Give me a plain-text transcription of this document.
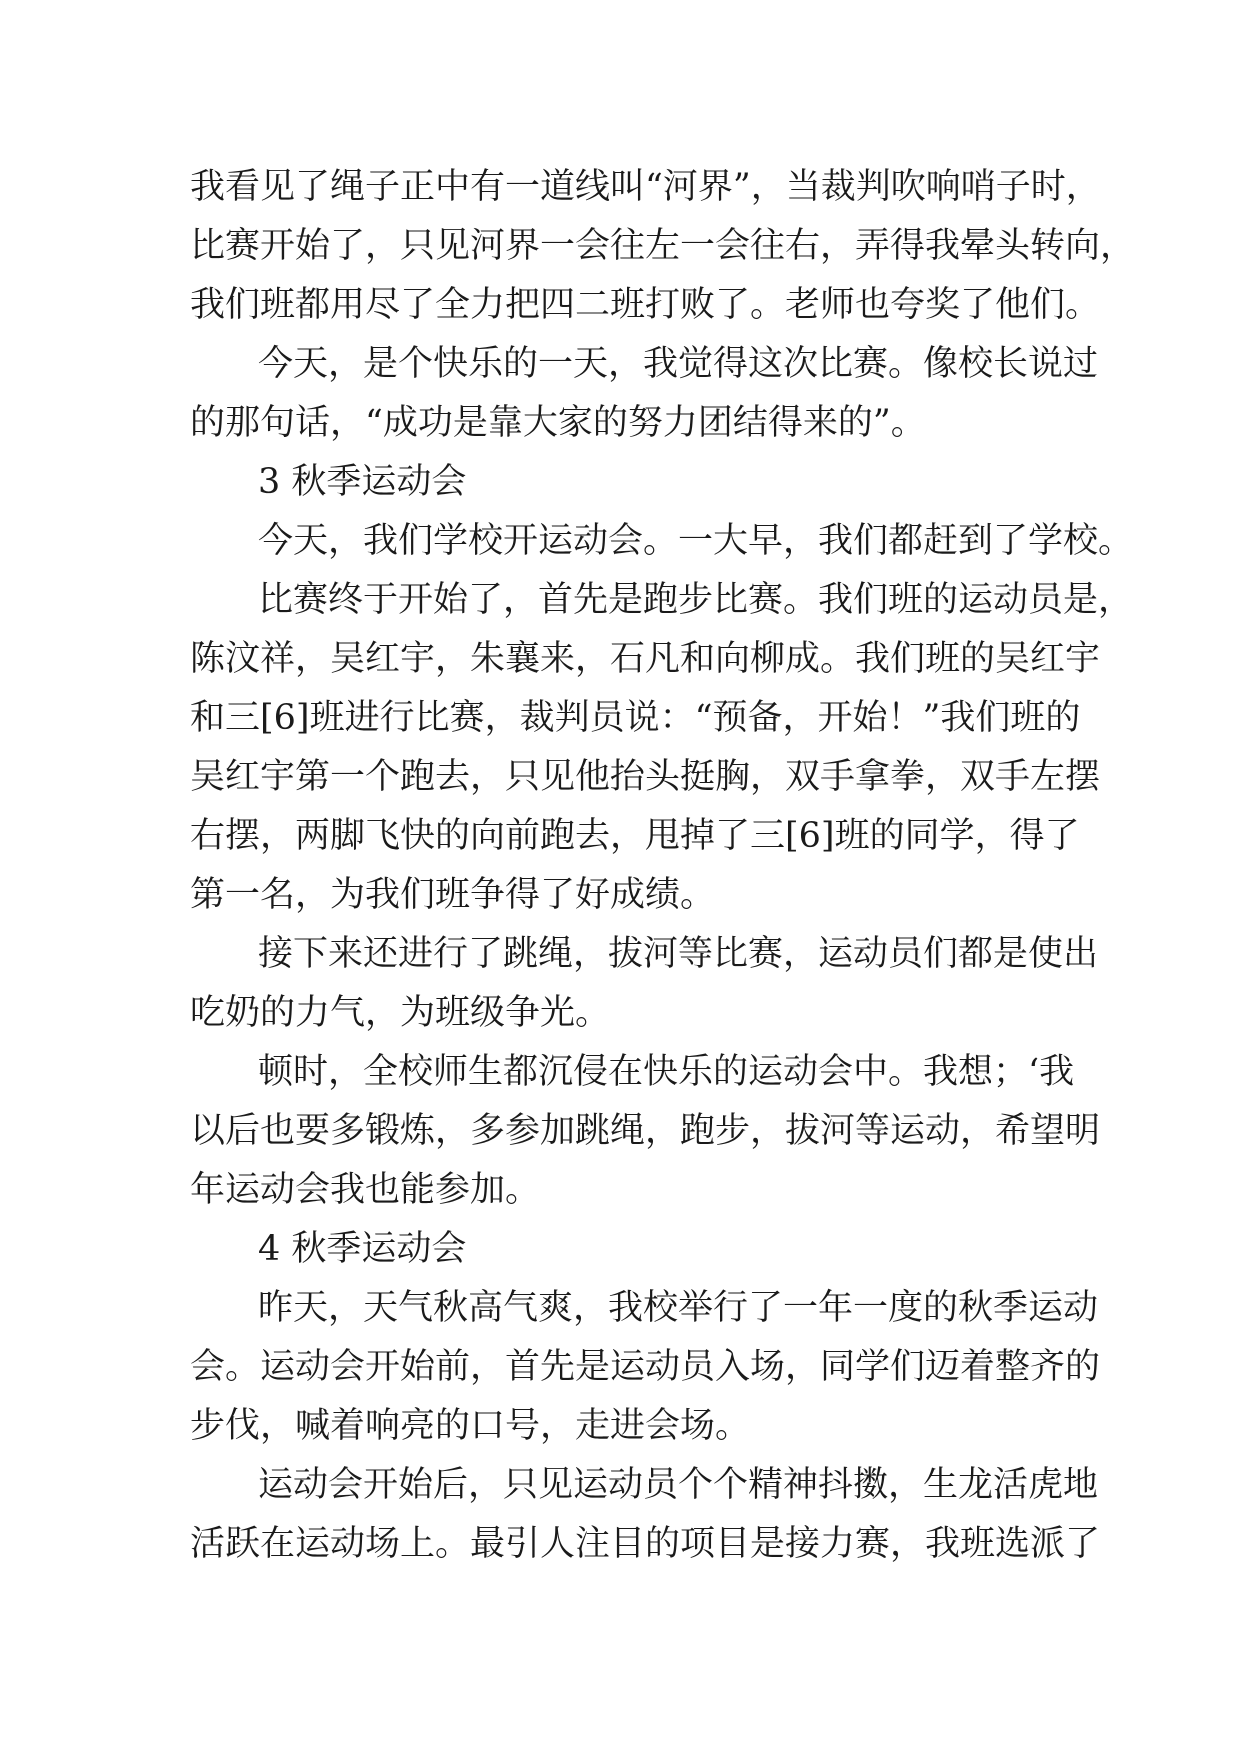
我看见了绳子正中有一道线叫“河界”，当裁判吹响哨子时，
比赛开始了，只见河界一会往左一会往右，弄得我晕头转向，
我们班都用尽了全力把四二班打败了。老师也夸奖了他们。
今天，是个快乐的一天，我觉得这次比赛。像校长说过
的那句话，“成功是靠大家的努力团结得来的”。
3 秋季运动会
今天，我们学校开运动会。一大早，我们都赶到了学校。
比赛终于开始了，首先是跑步比赛。我们班的运动员是，
陈汶祥，吴红宇，朱襄来，石凡和向柳成。我们班的吴红宇
和三[6]班进行比赛，裁判员说：“预备，开始！”我们班的
吴红宇第一个跑去，只见他抬头挺胸，双手拿拳，双手左摆
右摆，两脚飞快的向前跑去，甩掉了三[6]班的同学，得了
第一名，为我们班争得了好成绩。
接下来还进行了跳绳，拔河等比赛，运动员们都是使出
吃奶的力气，为班级争光。
顿时，全校师生都沉侵在快乐的运动会中。我想；‘我
以后也要多锻炼，多参加跳绳，跑步，拔河等运动，希望明
年运动会我也能参加。
4 秋季运动会
昨天，天气秋高气爽，我校举行了一年一度的秋季运动
会。运动会开始前，首先是运动员入场，同学们迈着整齐的
步伐，喊着响亮的口号，走进会场。
运动会开始后，只见运动员个个精神抖擞，生龙活虎地
活跃在运动场上。最引人注目的项目是接力赛，我班选派了
